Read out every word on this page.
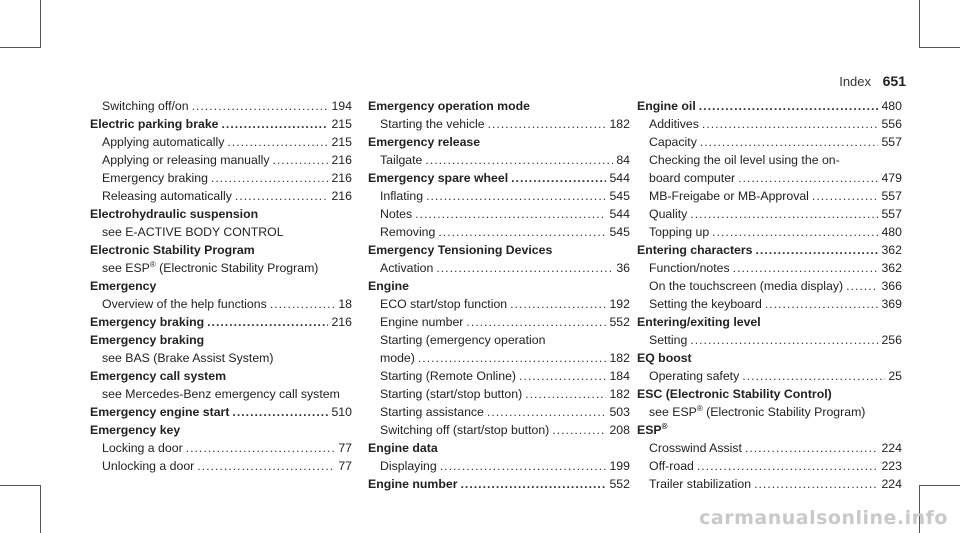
Index 651
Switching off/on .....	194
Electric parking brake .....	215
Applying automatically .....	215
Applying or releasing manually .....	216
Emergency braking .....	216
Releasing automatically .....	216
Electrohydraulic suspension
see E-ACTIVE BODY CONTROL
Electronic Stability Program
see ESP® (Electronic Stability Program)
Emergency
Overview of the help functions .....	18
Emergency braking .....	216
Emergency braking
see BAS (Brake Assist System)
Emergency call system
see Mercedes-Benz emergency call system
Emergency engine start .....	510
Emergency key
Locking a door .....	77
Unlocking a door .....	77
Emergency operation mode
Starting the vehicle .....	182
Emergency release
Tailgate .....	84
Emergency spare wheel .....	544
Inflating .....	545
Notes .....	544
Removing .....	545
Emergency Tensioning Devices
Activation .....	36
Engine
ECO start/stop function .....	192
Engine number .....	552
Starting (emergency operation
mode) .....	182
Starting (Remote Online) .....	184
Starting (start/stop button) .....	182
Starting assistance .....	503
Switching off (start/stop button) .....	208
Engine data
Displaying .....	199
Engine number .....	552
Engine oil .....	480
Additives .....	556
Capacity .....	557
Checking the oil level using the on-
board computer .....	479
MB-Freigabe or MB-Approval .....	557
Quality .....	557
Topping up .....	480
Entering characters .....	362
Function/notes .....	362
On the touchscreen (media display) .....	366
Setting the keyboard .....	369
Entering/exiting level
Setting .....	256
EQ boost
Operating safety .....	25
ESC (Electronic Stability Control)
see ESP® (Electronic Stability Program)
ESP®
Crosswind Assist .....	224
Off-road .....	223
Trailer stabilization .....	224
carmanualsonline.info
